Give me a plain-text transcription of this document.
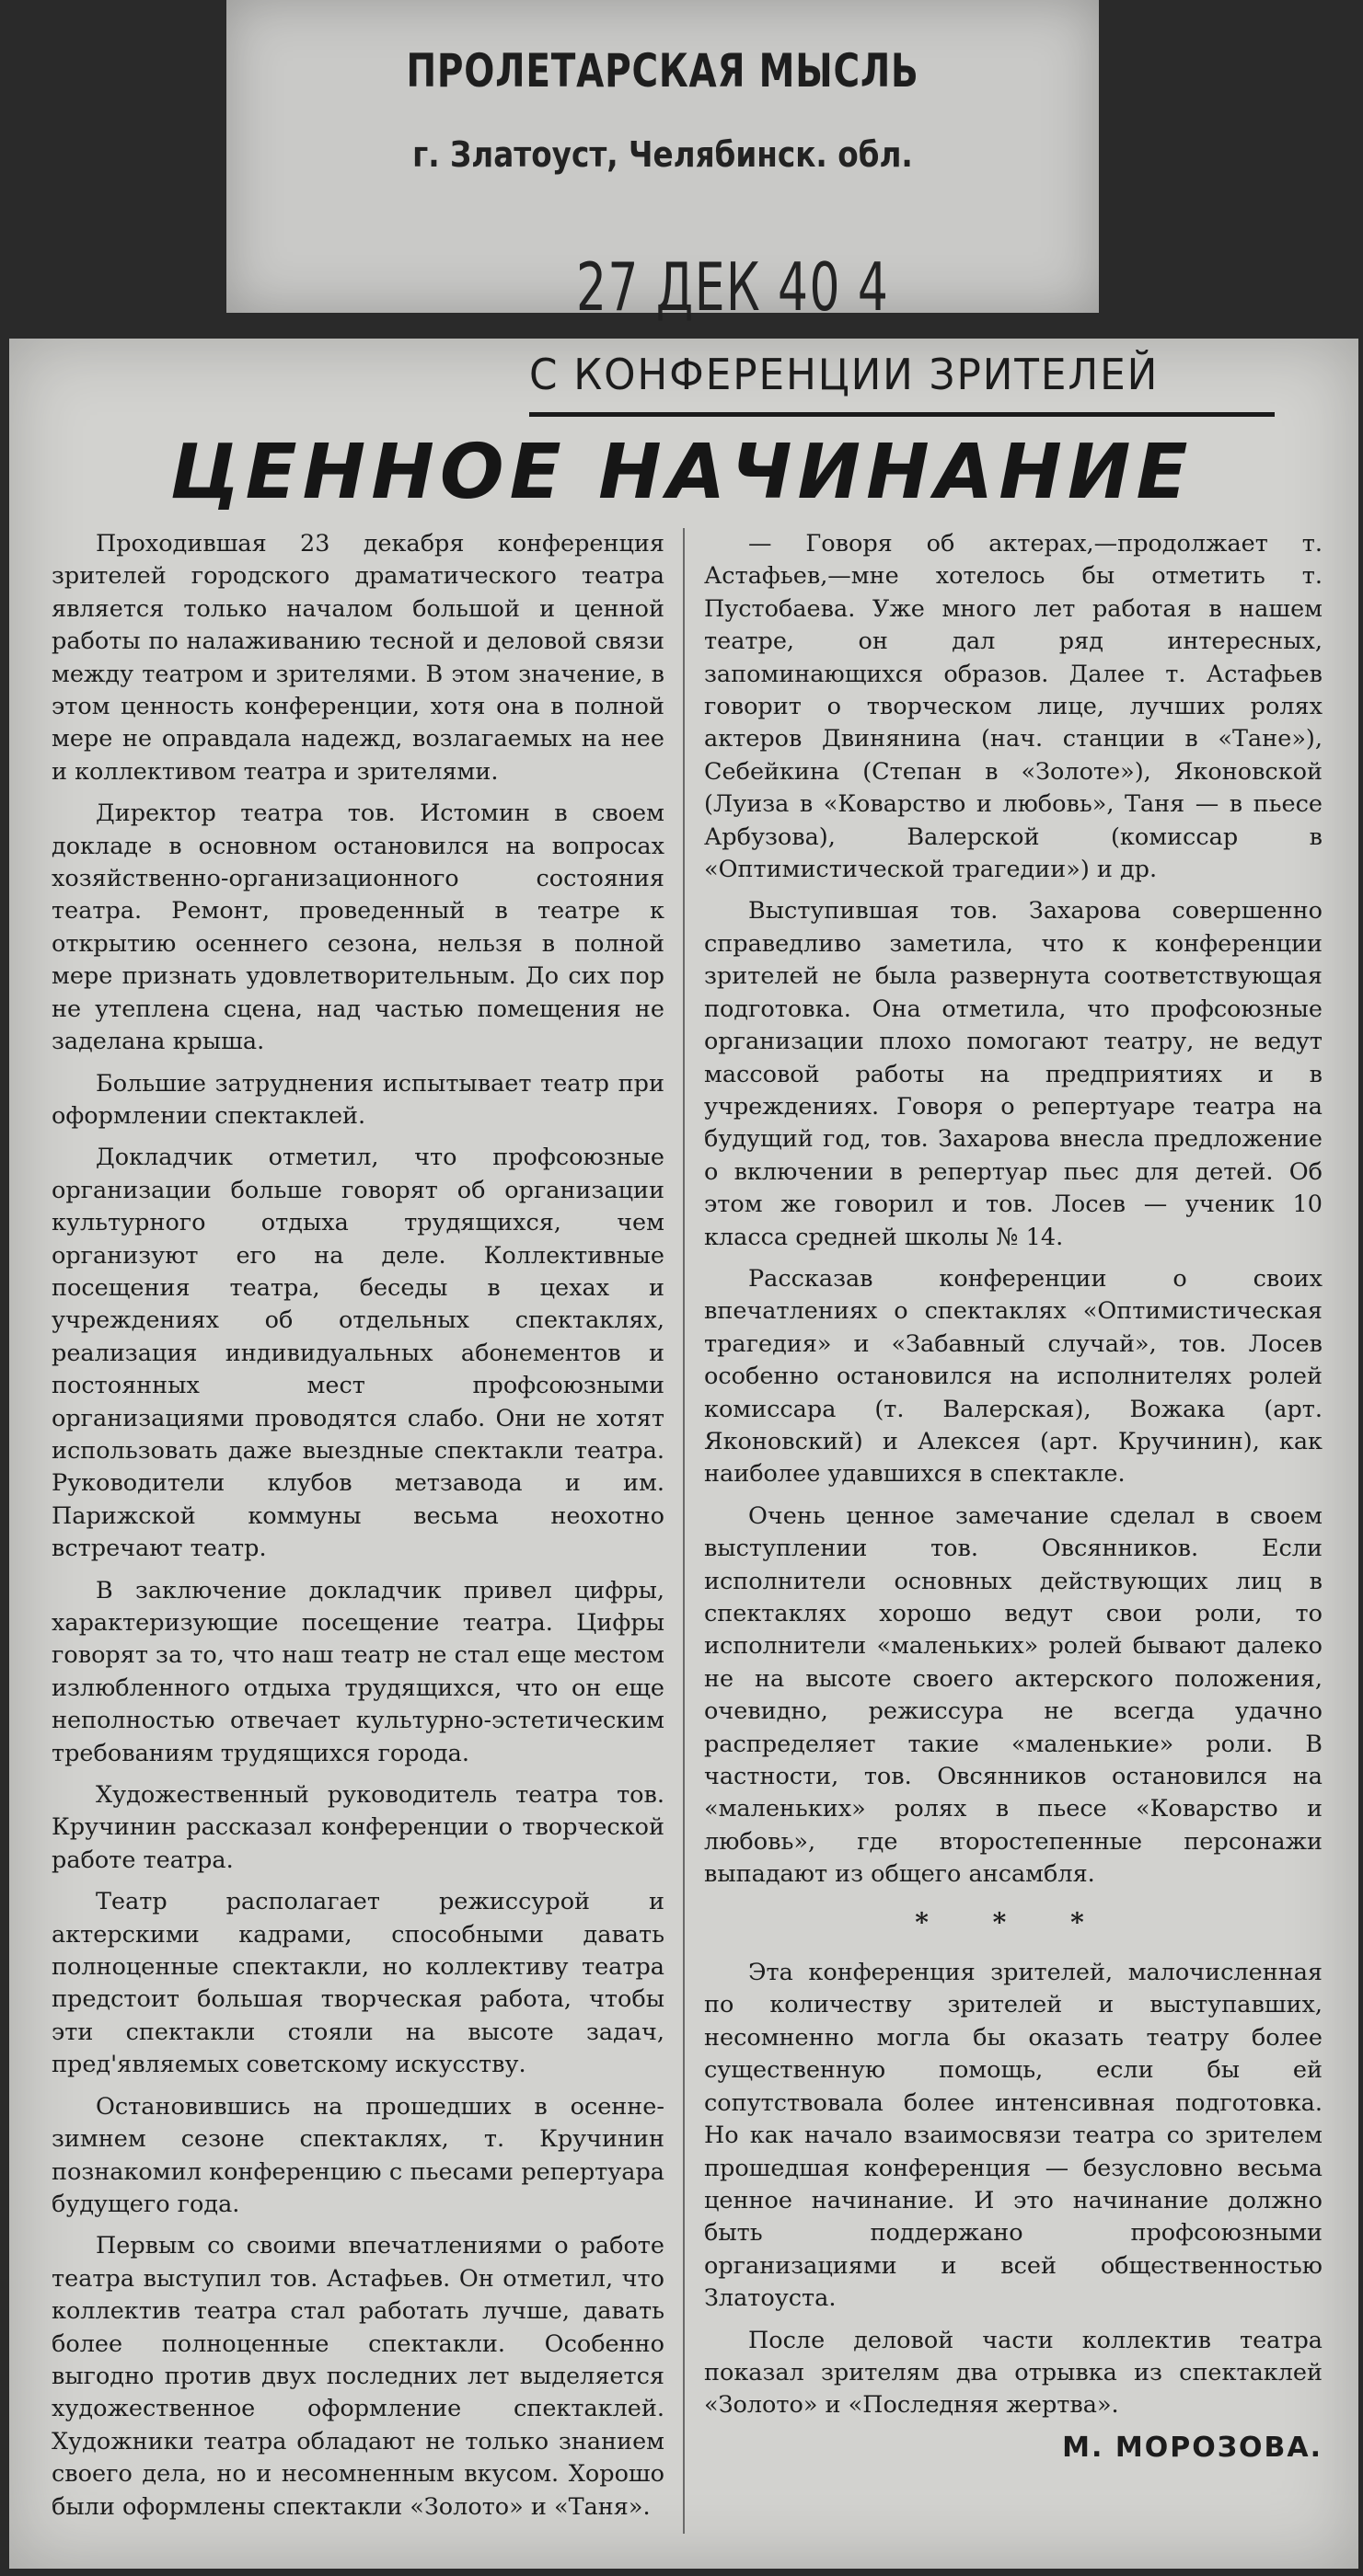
ПРОЛЕТАРСКАЯ МЫСЛЬ
г. Златоуст, Челябинск. обл.
27 ДЕК 40 4
С КОНФЕРЕНЦИИ ЗРИТЕЛЕЙ
ЦЕННОЕ НАЧИНАНИЕ

Проходившая 23 декабря конференция зрителей городского драматического театра является только началом большой и ценной работы по налаживанию тесной и деловой связи между театром и зрителями. В этом значение, в этом ценность конференции, хотя она в полной мере не оправдала надежд, возлагаемых на нее и коллективом театра и зрителями.

Директор театра тов. Истомин в своем докладе в основном остановился на вопросах хозяйственно-организационного состояния театра. Ремонт, проведенный в театре к открытию осеннего сезона, нельзя в полной мере признать удовлетворительным. До сих пор не утеплена сцена, над частью помещения не заделана крыша.

Большие затруднения испытывает театр при оформлении спектаклей.

Докладчик отметил, что профсоюзные организации больше говорят об организации культурного отдыха трудящихся, чем организуют его на деле. Коллективные посещения театра, беседы в цехах и учреждениях об отдельных спектаклях, реализация индивидуальных абонементов и постоянных мест профсоюзными организациями проводятся слабо. Они не хотят использовать даже выездные спектакли театра. Руководители клубов метзавода и им. Парижской коммуны весьма неохотно встречают театр.

В заключение докладчик привел цифры, характеризующие посещение театра. Цифры говорят за то, что наш театр не стал еще местом излюбленного отдыха трудящихся, что он еще неполностью отвечает культурно-эстетическим требованиям трудящихся города.

Художественный руководитель театра тов. Кручинин рассказал конференции о творческой работе театра.

Театр располагает режиссурой и актерскими кадрами, способными давать полноценные спектакли, но коллективу театра предстоит большая творческая работа, чтобы эти спектакли стояли на высоте задач, пред'являемых советскому искусству.

Остановившись на прошедших в осенне-зимнем сезоне спектаклях, т. Кручинин познакомил конференцию с пьесами репертуара будущего года.

Первым со своими впечатлениями о работе театра выступил тов. Астафьев. Он отметил, что коллектив театра стал работать лучше, давать более полноценные спектакли. Особенно выгодно против двух последних лет выделяется художественное оформление спектаклей. Художники театра обладают не только знанием своего дела, но и несомненным вкусом. Хорошо были оформлены спектакли «Золото» и «Таня».

— Говоря об актерах,—продолжает т. Астафьев,—мне хотелось бы отметить т. Пустобаева. Уже много лет работая в нашем театре, он дал ряд интересных, запоминающихся образов. Далее т. Астафьев говорит о творческом лице, лучших ролях актеров Двинянина (нач. станции в «Тане»), Себейкина (Степан в «Золоте»), Яконовской (Луиза в «Коварство и любовь», Таня — в пьесе Арбузова), Валерской (комиссар в «Оптимистической трагедии») и др.

Выступившая тов. Захарова совершенно справедливо заметила, что к конференции зрителей не была развернута соответствующая подготовка. Она отметила, что профсоюзные организации плохо помогают театру, не ведут массовой работы на предприятиях и в учреждениях. Говоря о репертуаре театра на будущий год, тов. Захарова внесла предложение о включении в репертуар пьес для детей. Об этом же говорил и тов. Лосев — ученик 10 класса средней школы № 14.

Рассказав конференции о своих впечатлениях о спектаклях «Оптимистическая трагедия» и «Забавный случай», тов. Лосев особенно остановился на исполнителях ролей комиссара (т. Валерская), Вожака (арт. Яконовский) и Алексея (арт. Кручинин), как наиболее удавшихся в спектакле.

Очень ценное замечание сделал в своем выступлении тов. Овсянников. Если исполнители основных действующих лиц в спектаклях хорошо ведут свои роли, то исполнители «маленьких» ролей бывают далеко не на высоте своего актерского положения, очевидно, режиссура не всегда удачно распределяет такие «маленькие» роли. В частности, тов. Овсянников остановился на «маленьких» ролях в пьесе «Коварство и любовь», где второстепенные персонажи выпадают из общего ансамбля.

* * *

Эта конференция зрителей, малочисленная по количеству зрителей и выступавших, несомненно могла бы оказать театру более существенную помощь, если бы ей сопутствовала более интенсивная подготовка. Но как начало взаимосвязи театра со зрителем прошедшая конференция — безусловно весьма ценное начинание. И это начинание должно быть поддержано профсоюзными организациями и всей общественностью Златоуста.

После деловой части коллектив театра показал зрителям два отрывка из спектаклей «Золото» и «Последняя жертва».

М. МОРОЗОВА.
